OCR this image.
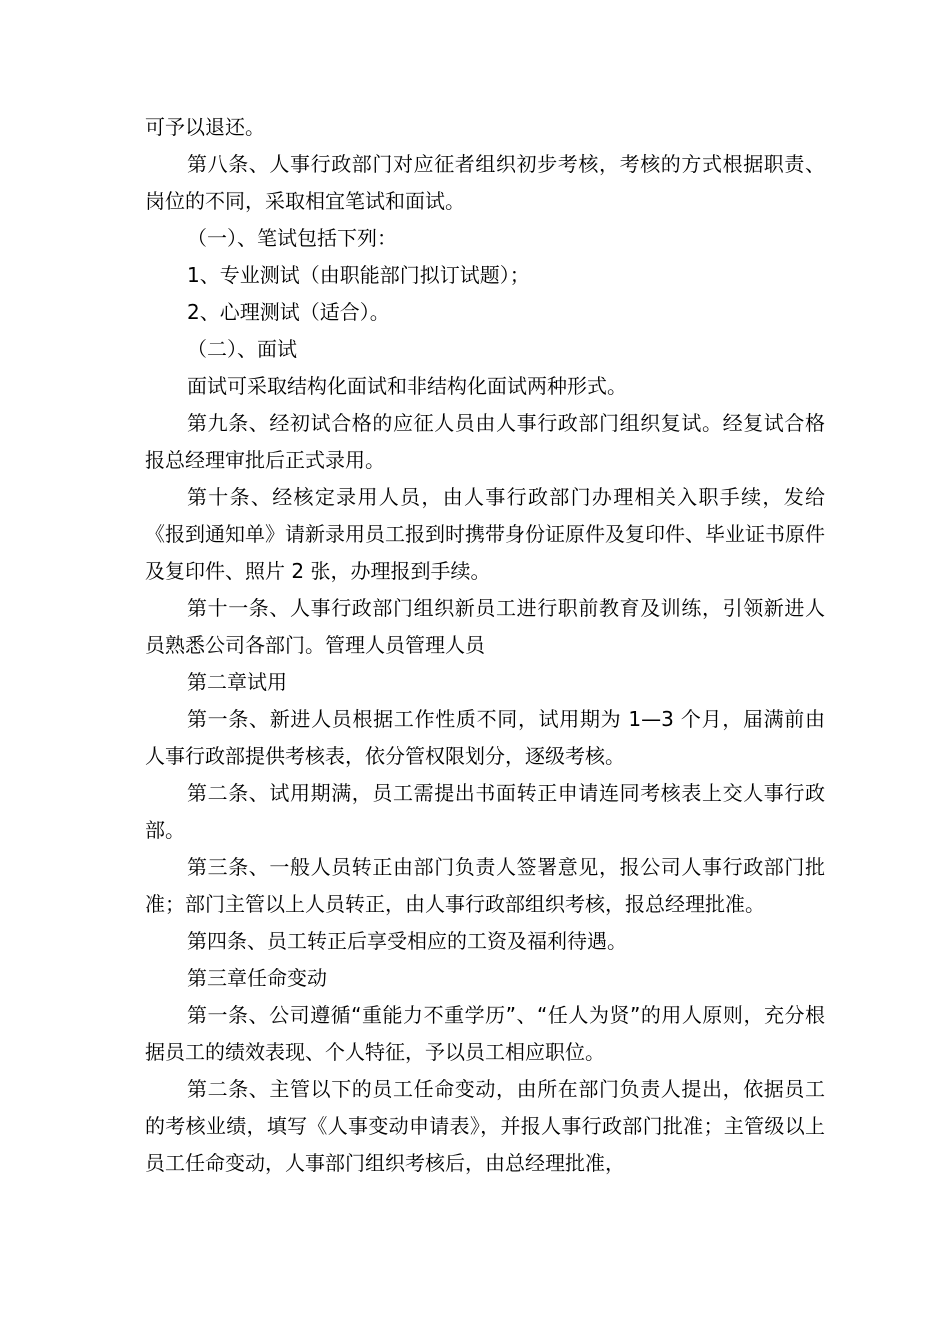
可予以退还。

第八条、人事行政部门对应征者组织初步考核，考核的方式根据职责、岗位的不同，采取相宜笔试和面试。

（一）、笔试包括下列：

1、专业测试（由职能部门拟订试题）；

2、心理测试（适合）。

（二）、面试

面试可采取结构化面试和非结构化面试两种形式。

第九条、经初试合格的应征人员由人事行政部门组织复试。经复试合格报总经理审批后正式录用。

第十条、经核定录用人员，由人事行政部门办理相关入职手续，发给《报到通知单》请新录用员工报到时携带身份证原件及复印件、毕业证书原件及复印件、照片 2 张，办理报到手续。

第十一条、人事行政部门组织新员工进行职前教育及训练，引领新进人员熟悉公司各部门。管理人员管理人员

第二章试用

第一条、新进人员根据工作性质不同，试用期为 1—3 个月，届满前由人事行政部提供考核表，依分管权限划分，逐级考核。

第二条、试用期满，员工需提出书面转正申请连同考核表上交人事行政部。

第三条、一般人员转正由部门负责人签署意见，报公司人事行政部门批准；部门主管以上人员转正，由人事行政部组织考核，报总经理批准。

第四条、员工转正后享受相应的工资及福利待遇。

第三章任命变动

第一条、公司遵循“重能力不重学历”、“任人为贤”的用人原则，充分根据员工的绩效表现、个人特征，予以员工相应职位。

第二条、主管以下的员工任命变动，由所在部门负责人提出，依据员工的考核业绩，填写《人事变动申请表》，并报人事行政部门批准；主管级以上员工任命变动，人事部门组织考核后，由总经理批准，
